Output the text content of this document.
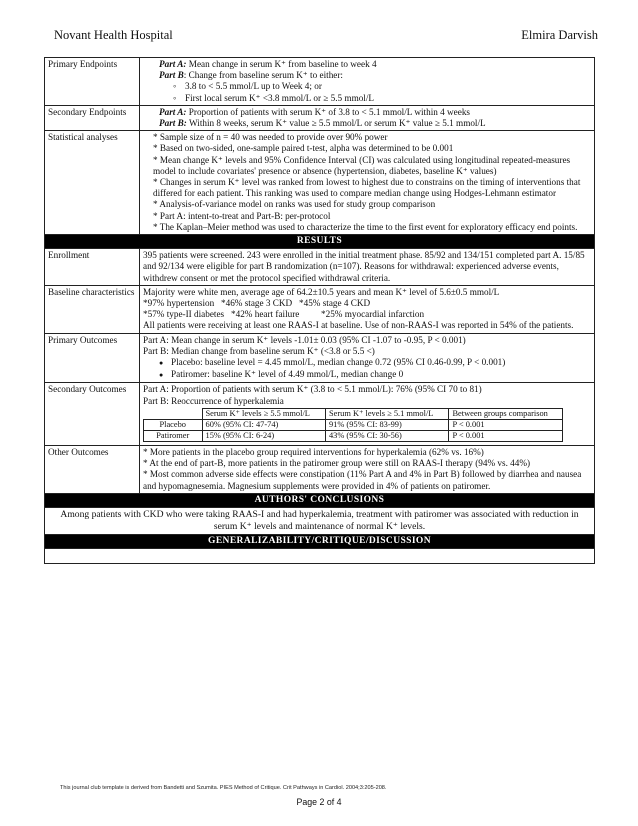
Novant Health Hospital	Elmira Darvish
Primary Endpoints	Part A: Mean change in serum K⁺ from baseline to week 4
Part B: Change from baseline serum K⁺ to either:
◦ 3.8 to < 5.5 mmol/L up to Week 4; or
◦ First local serum K⁺ <3.8 mmol/L or ≥ 5.5 mmol/L

Secondary Endpoints	Part A: Proportion of patients with serum K⁺ of 3.8 to < 5.1 mmol/L within 4 weeks
Part B: Within 8 weeks, serum K⁺ value ≥ 5.5 mmol/L or serum K⁺ value ≥ 5.1 mmol/L

Statistical analyses	* Sample size of n = 40 was needed to provide over 90% power
* Based on two-sided, one-sample paired t-test, alpha was determined to be 0.001
* Mean change K⁺ levels and 95% Confidence Interval (CI) was calculated using longitudinal repeated-measures model to include covariates' presence or absence (hypertension, diabetes, baseline K⁺ values)
* Changes in serum K⁺ level was ranked from lowest to highest due to constrains on the timing of interventions that differed for each patient. This ranking was used to compare median change using Hodges-Lehmann estimator
* Analysis-of-variance model on ranks was used for study group comparison
* Part A: intent-to-treat and Part-B: per-protocol
* The Kaplan–Meier method was used to characterize the time to the first event for exploratory efficacy end points.

RESULTS
Enrollment	395 patients were screened. 243 were enrolled in the initial treatment phase. 85/92 and 134/151 completed part A. 15/85 and 92/134 were eligible for part B randomization (n=107). Reasons for withdrawal: experienced adverse events, withdrew consent or met the protocol specified withdrawal criteria.
Baseline characteristics	Majority were white men, average age of 64.2±10.5 years and mean K⁺ level of 5.6±0.5 mmol/L
*97% hypertension *46% stage 3 CKD *45% stage 4 CKD
*57% type-II diabetes *42% heart failure *25% myocardial infarction
All patients were receiving at least one RAAS-I at baseline. Use of non-RAAS-I was reported in 54% of the patients.

Primary Outcomes	Part A: Mean change in serum K⁺ levels -1.01± 0.03 (95% CI -1.07 to -0.95, P < 0.001)
Part B: Median change from baseline serum K⁺ (<3.8 or 5.5 <)
● Placebo: baseline level = 4.45 mmol/L, median change 0.72 (95% CI 0.46-0.99, P < 0.001)
● Patiromer: baseline K⁺ level of 4.49 mmol/L, median change 0

Secondary Outcomes	Part A: Proportion of patients with serum K⁺ (3.8 to < 5.1 mmol/L): 76% (95% CI 70 to 81)
Part B: Reoccurrence of hyperkalemia
	Serum K⁺ levels ≥ 5.5 mmol/L	Serum K⁺ levels ≥ 5.1 mmol/L	Between groups comparison
Placebo	60% (95% CI: 47-74)	91% (95% CI: 83-99)	P < 0.001
Patiromer	15% (95% CI: 6-24)	43% (95% CI: 30-56)	P < 0.001

Other Outcomes	* More patients in the placebo group required interventions for hyperkalemia (62% vs. 16%)
* At the end of part-B, more patients in the patiromer group were still on RAAS-I therapy (94% vs. 44%)
* Most common adverse side effects were constipation (11% Part A and 4% in Part B) followed by diarrhea and nausea and hypomagnesemia. Magnesium supplements were provided in 4% of patients on patiromer.

AUTHORS' CONCLUSIONS
Among patients with CKD who were taking RAAS-I and had hyperkalemia, treatment with patiromer was associated with reduction in serum K⁺ levels and maintenance of normal K⁺ levels.
GENERALIZABILITY/CRITIQUE/DISCUSSION

This journal club template is derived from Bandetti and Szumita. PIES Method of Critique. Crit Pathways in Cardiol. 2004;3:205-208.
Page 2 of 4
